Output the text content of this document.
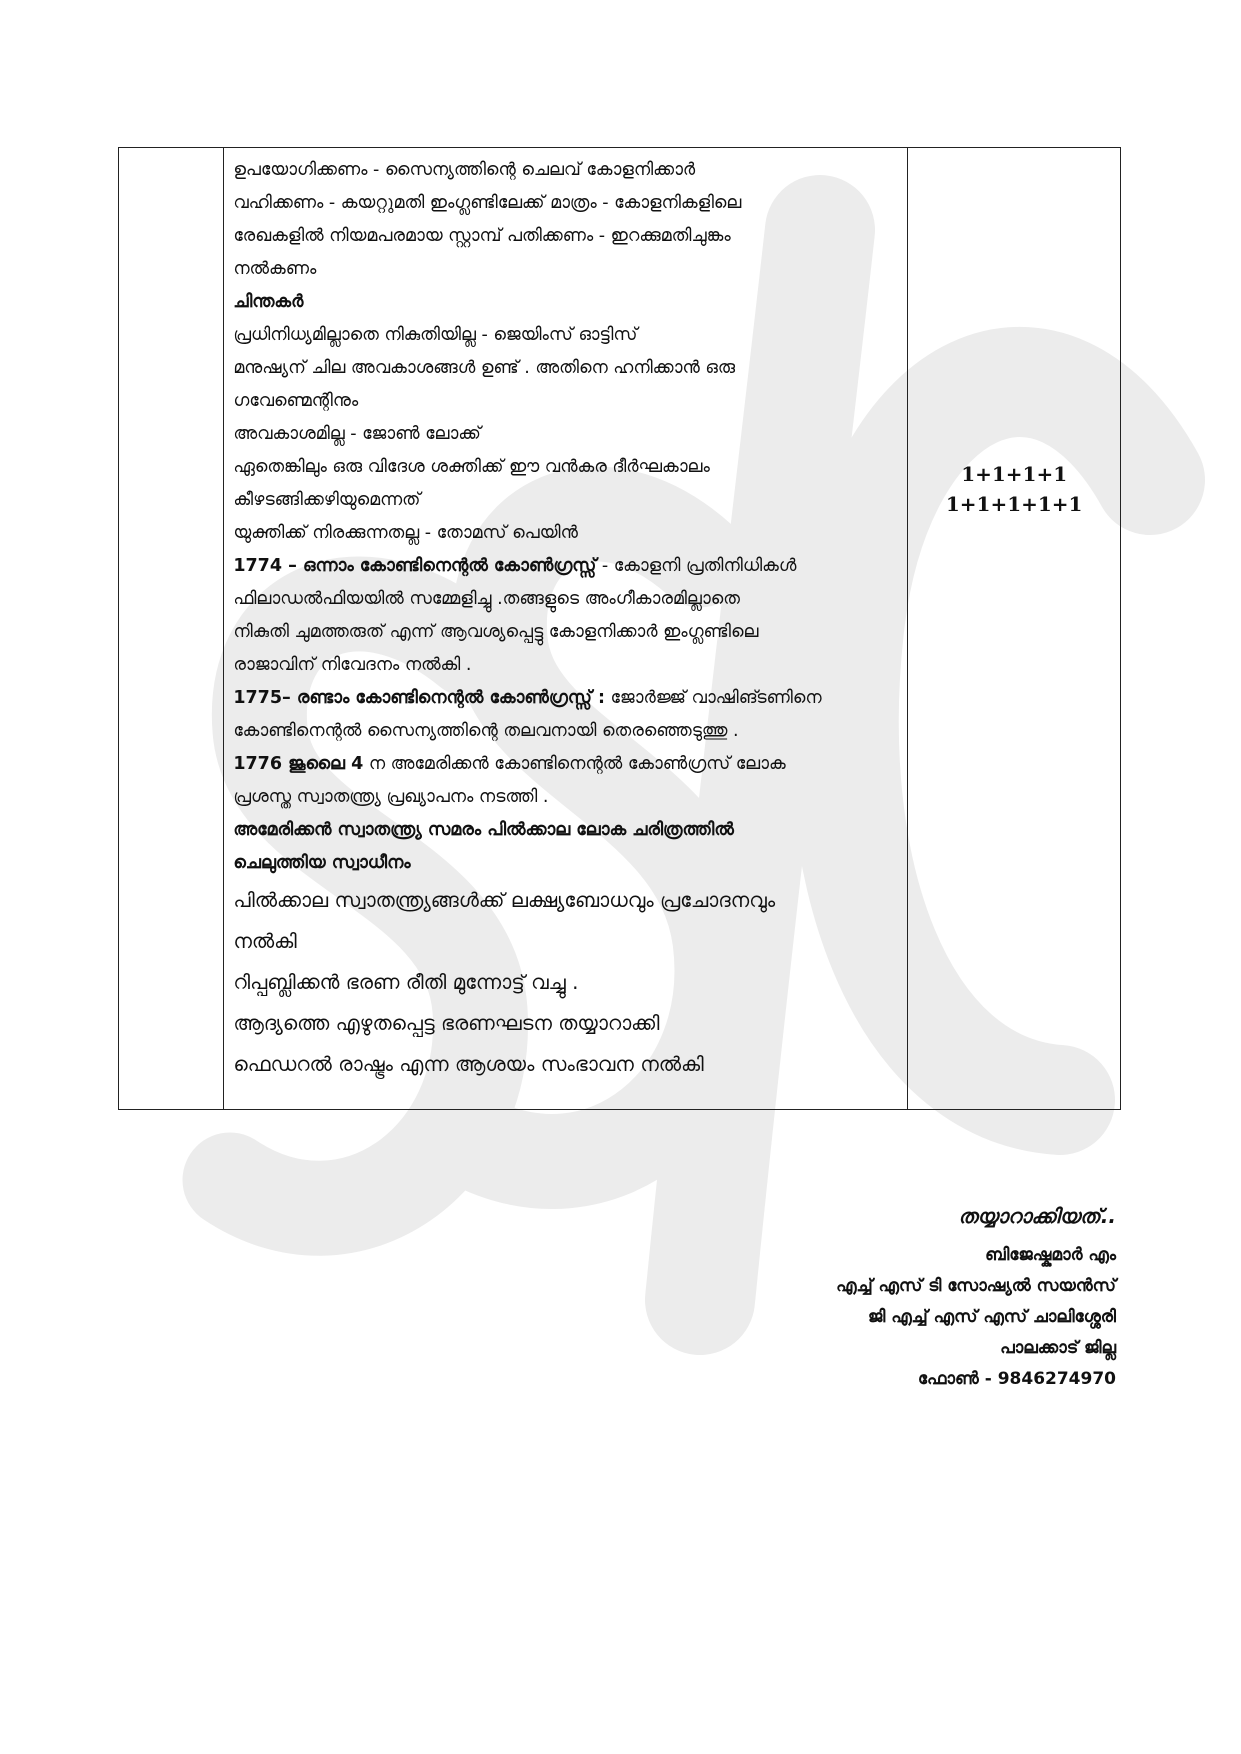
ഉപയോഗിക്കണം - സൈന്യത്തിന്റെ ചെലവ് കോളനിക്കാർ
വഹിക്കണം - കയറ്റുമതി ഇംഗ്ലണ്ടിലേക്ക് മാത്രം - കോളനികളിലെ
രേഖകളിൽ നിയമപരമായ സ്റ്റാമ്പ് പതിക്കണം - ഇറക്കുമതിചുങ്കം
നൽകണം
ചിന്തകർ
പ്രധിനിധ്യമില്ലാതെ നികുതിയില്ല - ജെയിംസ് ഓട്ടിസ്
മനുഷ്യന് ചില അവകാശങ്ങൾ ഉണ്ട് . അതിനെ ഹനിക്കാൻ ഒരു
ഗവേണ്മെന്റിനും
അവകാശമില്ല - ജോൺ ലോക്ക്
ഏതെങ്കിലും ഒരു വിദേശ ശക്തിക്ക് ഈ വൻകര ദീർഘകാലം
കീഴടങ്ങിക്കഴിയുമെന്നത്
യുക്തിക്ക് നിരക്കുന്നതല്ല - തോമസ് പെയിൻ
1774 – ഒന്നാം കോണ്ടിനെന്റൽ കോൺഗ്രസ്സ് - കോളനി പ്രതിനിധികൾ
ഫിലാഡൽഫിയയിൽ സമ്മേളിച്ചു .തങ്ങളുടെ അംഗീകാരമില്ലാതെ
നികുതി ചുമത്തരുത് എന്ന് ആവശ്യപ്പെട്ടു കോളനിക്കാർ ഇംഗ്ലണ്ടിലെ
രാജാവിന് നിവേദനം നൽകി .
1775– രണ്ടാം കോണ്ടിനെന്റൽ കോൺഗ്രസ്സ് : ജോർജ്ജ് വാഷിങ്ടണിനെ
കോണ്ടിനെന്റൽ സൈന്യത്തിന്റെ തലവനായി തെരഞ്ഞെടുത്തു .
1776 ജൂലൈ 4 ന അമേരിക്കൻ കോണ്ടിനെന്റൽ കോൺഗ്രസ് ലോക
പ്രശസ്ത സ്വാതന്ത്ര്യ പ്രഖ്യാപനം നടത്തി .
അമേരിക്കൻ സ്വാതന്ത്ര്യ സമരം പിൽക്കാല ലോക ചരിത്രത്തിൽ
ചെലുത്തിയ സ്വാധീനം
പിൽക്കാല സ്വാതന്ത്ര്യങ്ങൾക്ക് ലക്ഷ്യബോധവും പ്രചോദനവും
നൽകി
റിപ്പബ്ലിക്കൻ ഭരണ രീതി മുന്നോട്ട് വച്ചു .
ആദ്യത്തെ എഴുതപ്പെട്ട ഭരണഘടന തയ്യാറാക്കി
ഫെഡറൽ രാഷ്ട്രം എന്ന ആശയം സംഭാവന നൽകി

1+1+1+1
1+1+1+1+1
തയ്യാറാക്കിയത്..
ബിജേഷ്കുമാർ എം
എച്ച് എസ് ടി സോഷ്യൽ സയൻസ്
ജി എച്ച് എസ് എസ് ചാലിശ്ശേരി
പാലക്കാട് ജില്ല
ഫോൺ - 9846274970
